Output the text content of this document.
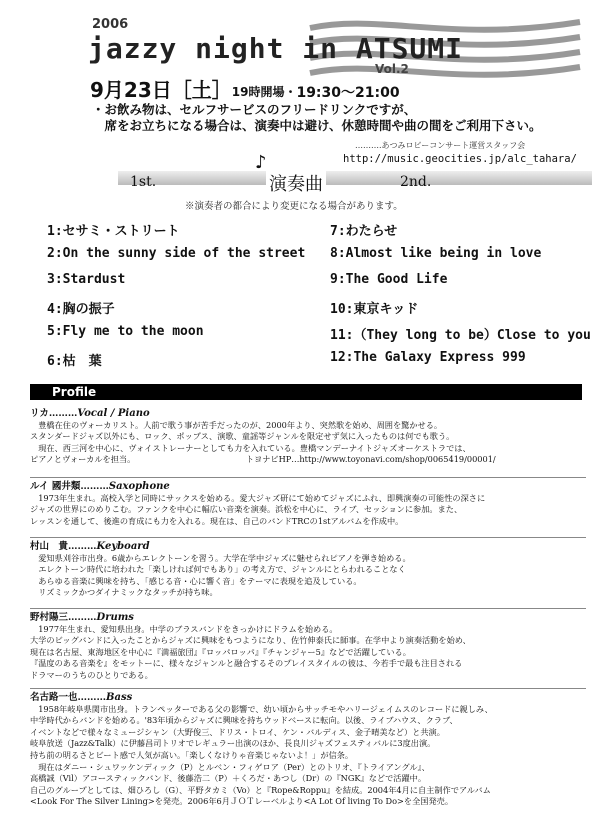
2006
jazzy night in ATSUMI
Vol.2
9月23日［土］19時開場・19:30～21:00
・お飲み物は、セルフサービスのフリードリンクですが、
　席をお立ちになる場合は、演奏中は避け、休憩時間や曲の間をご利用下さい。
……….あつみロビーコンサート運営スタッフ会
http://music.geocities.jp/alc_tahara/
1st.	2nd.
♪
演奏曲
※演奏者の都合により変更になる場合があります。
1:セサミ・ストリート
2:On the sunny side of the street
3:Stardust
4:胸の振子
5:Fly me to the moon
6:枯　葉
7:わたらせ
8:Almost like being in love
9:The Good Life
10:東京キッド
11:（They long to be）Close to you
12:The Galaxy Express 999
Profile
リカ………Vocal / Piano
　豊橋在住のヴォーカリスト。人前で歌う事が苦手だったのが、2000年より、突然歌を始め、周囲を驚かせる。
スタンダードジャズ以外にも、ロック、ポップス、演歌、童謡等ジャンルを限定せず気に入ったものは何でも歌う。
　現在、西三河を中心に、ヴォイストレーナーとしても力を入れている。豊橋マンデーナイトジャズオーケストラでは、
ピアノとヴォーカルを担当。　　　　　　　　　　　　　　トヨナビHP…http://www.toyonavi.com/shop/0065419/00001/
ルイ 國井類………Saxophone
　1973年生まれ。高校入学と同時にサックスを始める。愛大ジャズ研にて始めてジャズにふれ、即興演奏の可能性の深さに
ジャズの世界にのめりこむ。ファンクを中心に幅広い音楽を演奏。浜松を中心に、ライブ、セッションに参加。また、
レッスンを通して、後進の育成にも力を入れる。現在は、自己のバンドTRCの1stアルバムを作成中。
村山　貴………Keyboard
　愛知県刈谷市出身。6歳からエレクトーンを習う。大学在学中ジャズに魅せられピアノを弾き始める。
　エレクトーン時代に培われた「楽しければ何でもあり」の考え方で、ジャンルにとらわれることなく
　あらゆる音楽に興味を持ち、「感じる音・心に響く音」をテーマに表現を追及している。
　リズミックかつダイナミックなタッチが持ち味。
野村陽三………Drums
　1977年生まれ、愛知県出身。中学のブラスバンドをきっかけにドラムを始める。
大学のビッグバンドに入ったことからジャズに興味をもつようになり、佐竹伸泰氏に師事。在学中より演奏活動を始め、
現在は名古屋、東海地区を中心に『満福旅団』『ロッパロッパ』『チャンジャー5』などで活躍している。
『温度のある音楽を』をモットーに、様々なジャンルと融合するそのプレイスタイルの彼は、今若手で最も注目される
ドラマーのうちのひとりである。
名古路一也………Bass
　1958年岐阜県関市出身。トランペッターである父の影響で、幼い頃からサッチモやハリージェイムスのレコードに親しみ、
中学時代からバンドを始める。'83年頃からジャズに興味を持ちウッドベースに転向。以後、ライブハウス、クラブ、
イベントなどで様々なミュージシャン（大野俊三、ドリス・トロイ、ケン・バルディス、金子晴美など）と共演。
岐阜放送（Jazz&Talk）に伊藤昌司トリオでレギュラー出演のほか、長良川ジャズフェスティバルに3度出演。
持ち前の明るさとビート感で人気が高い。「楽しくなけりゃ音楽じゃないよ！」が信条。
　現在はダニー・シュワッケンディック（P）とルベン・フィゲロア（Per）とのトリオ、『トライアングル』、
高橋誠（Vil）アコースティックバンド、後藤浩二（P）＋くろだ・あつし（Dr）の『NGK』などで活躍中。
自己のグループとしては、畑ひろし（G）、平野タカミ（Vo）と『Rope&Roppu』を結成。2004年4月に自主制作でアルバム
<Look For The Silver Lining>を発売。2006年6月ＪＯＴレーベルより<A Lot Of living To Do>を全国発売。
